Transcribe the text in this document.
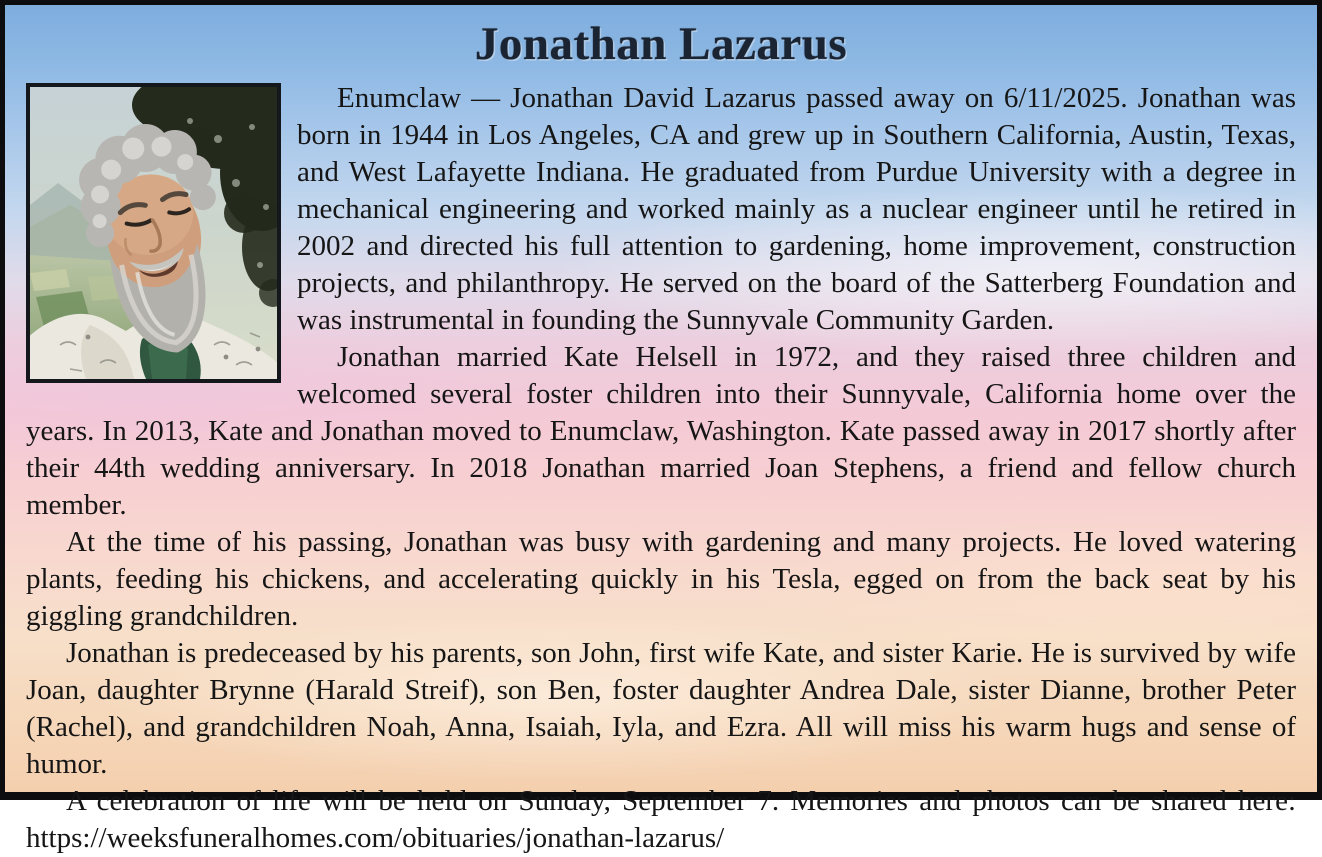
Jonathan Lazarus

Enumclaw — Jonathan David Lazarus passed away on 6/11/2025. Jonathan was born in 1944 in Los Angeles, CA and grew up in Southern California, Austin, Texas, and West Lafayette Indiana. He graduated from Purdue University with a degree in mechanical engineering and worked mainly as a nuclear engineer until he retired in 2002 and directed his full attention to gardening, home improvement, construction projects, and philanthropy. He served on the board of the Satterberg Foundation and was instrumental in founding the Sunnyvale Community Garden.

Jonathan married Kate Helsell in 1972, and they raised three children and welcomed several foster children into their Sunnyvale, California home over the years. In 2013, Kate and Jonathan moved to Enumclaw, Washington. Kate passed away in 2017 shortly after their 44th wedding anniversary. In 2018 Jonathan married Joan Stephens, a friend and fellow church member.

At the time of his passing, Jonathan was busy with gardening and many projects. He loved watering plants, feeding his chickens, and accelerating quickly in his Tesla, egged on from the back seat by his giggling grandchildren.

Jonathan is predeceased by his parents, son John, first wife Kate, and sister Karie. He is survived by wife Joan, daughter Brynne (Harald Streif), son Ben, foster daughter Andrea Dale, sister Dianne, brother Peter (Rachel), and grandchildren Noah, Anna, Isaiah, Iyla, and Ezra. All will miss his warm hugs and sense of humor.

A celebration of life will be held on Sunday, September 7. Memories and photos can be shared here: https://weeksfuneralhomes.com/obituaries/jonathan-lazarus/
